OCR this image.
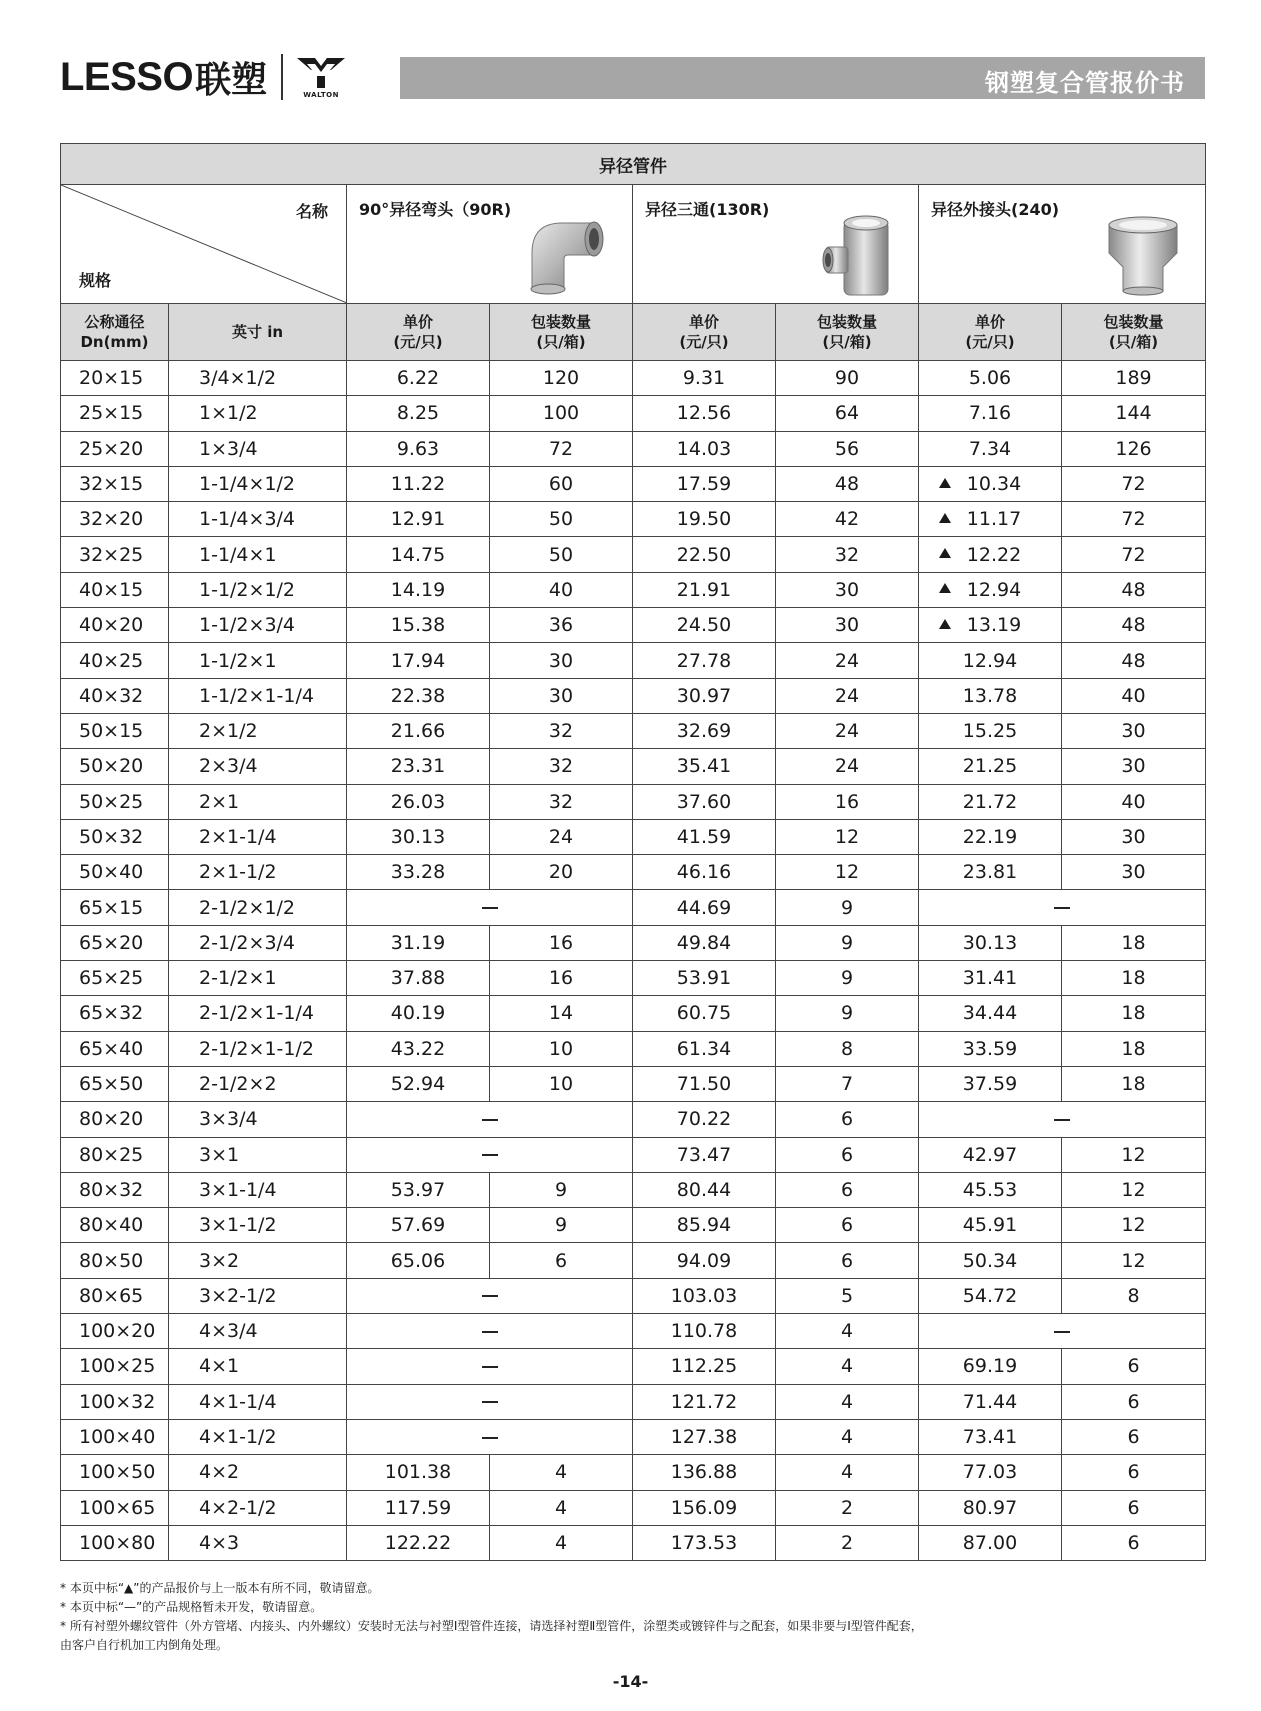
LESSO 联塑	WALTON	钢塑复合管报价书
异径管件							

名称
规格		90°异径弯头（90R)		异径三通(130R)		异径外接头(240)	

公称通径
Dn(mm)	英寸 in	单价
(元/只)	包装数量
(只/箱)	单价
(元/只)	包装数量
(只/箱)	单价
(元/只)	包装数量
(只/箱)
20×15	3/4×1/2	6.22	120	9.31	90	5.06	189
25×15	1×1/2	8.25	100	12.56	64	7.16	144
25×20	1×3/4	9.63	72	14.03	56	7.34	126
32×15	1-1/4×1/2	11.22	60	17.59	48	10.34	72
32×20	1-1/4×3/4	12.91	50	19.50	42	11.17	72
32×25	1-1/4×1	14.75	50	22.50	32	12.22	72
40×15	1-1/2×1/2	14.19	40	21.91	30	12.94	48
40×20	1-1/2×3/4	15.38	36	24.50	30	13.19	48
40×25	1-1/2×1	17.94	30	27.78	24	12.94	48
40×32	1-1/2×1-1/4	22.38	30	30.97	24	13.78	40
50×15	2×1/2	21.66	32	32.69	24	15.25	30
50×20	2×3/4	23.31	32	35.41	24	21.25	30
50×25	2×1	26.03	32	37.60	16	21.72	40
50×32	2×1-1/4	30.13	24	41.59	12	22.19	30
50×40	2×1-1/2	33.28	20	46.16	12	23.81	30
65×15	2-1/2×1/2			44.69	9		
65×20	2-1/2×3/4	31.19	16	49.84	9	30.13	18
65×25	2-1/2×1	37.88	16	53.91	9	31.41	18
65×32	2-1/2×1-1/4	40.19	14	60.75	9	34.44	18
65×40	2-1/2×1-1/2	43.22	10	61.34	8	33.59	18
65×50	2-1/2×2	52.94	10	71.50	7	37.59	18
80×20	3×3/4			70.22	6		
80×25	3×1			73.47	6	42.97	12
80×32	3×1-1/4	53.97	9	80.44	6	45.53	12
80×40	3×1-1/2	57.69	9	85.94	6	45.91	12
80×50	3×2	65.06	6	94.09	6	50.34	12
80×65	3×2-1/2			103.03	5	54.72	8
100×20	4×3/4			110.78	4		
100×25	4×1			112.25	4	69.19	6
100×32	4×1-1/4			121.72	4	71.44	6
100×40	4×1-1/2			127.38	4	73.41	6
100×50	4×2	101.38	4	136.88	4	77.03	6
100×65	4×2-1/2	117.59	4	156.09	2	80.97	6
100×80	4×3	122.22	4	173.53	2	87.00	6
* 本页中标“▲”的产品报价与上一版本有所不同，敬请留意。
* 本页中标“—”的产品规格暂未开发，敬请留意。
* 所有衬塑外螺纹管件（外方管堵、内接头、内外螺纹）安装时无法与衬塑Ⅰ型管件连接，请选择衬塑Ⅱ型管件，涂塑类或镀锌件与之配套，如果非要与Ⅰ型管件配套，
由客户自行机加工内倒角处理。
-14-
